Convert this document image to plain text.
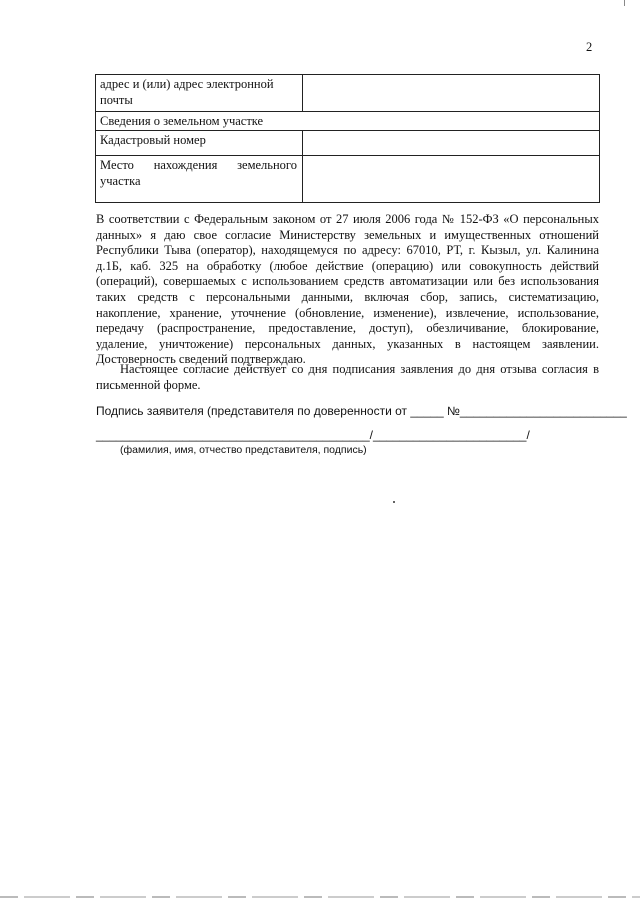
2
адрес и (или) адрес электронной почты	
Сведения о земельном участке	
Кадастровый номер	
Место нахождения земельного участка	

В соответствии с Федеральным законом от 27 июля 2006 года № 152-ФЗ «О персональных данных» я даю свое согласие Министерству земельных и имущественных отношений Республики Тыва (оператор), находящемуся по адресу: 67010, РТ, г. Кызыл, ул. Калинина д.1Б, каб. 325 на обработку (любое действие (операцию) или совокупность действий (операций), совершаемых с использованием средств автоматизации или без использования таких средств с персональными данными, включая сбор, запись, систематизацию, накопление, хранение, уточнение (обновление, изменение), извлечение, использование, передачу (распространение, предоставление, доступ), обезличивание, блокирование, удаление, уничтожение) персональных данных, указанных в настоящем заявлении. Достоверность сведений подтверждаю.

Настоящее согласие действует со дня подписания заявления до дня отзыва согласия в письменной форме.

Подпись заявителя (представителя по доверенности от _____ №_________________________
_________________________________________/_______________________/
(фамилия, имя, отчество представителя, подпись)
